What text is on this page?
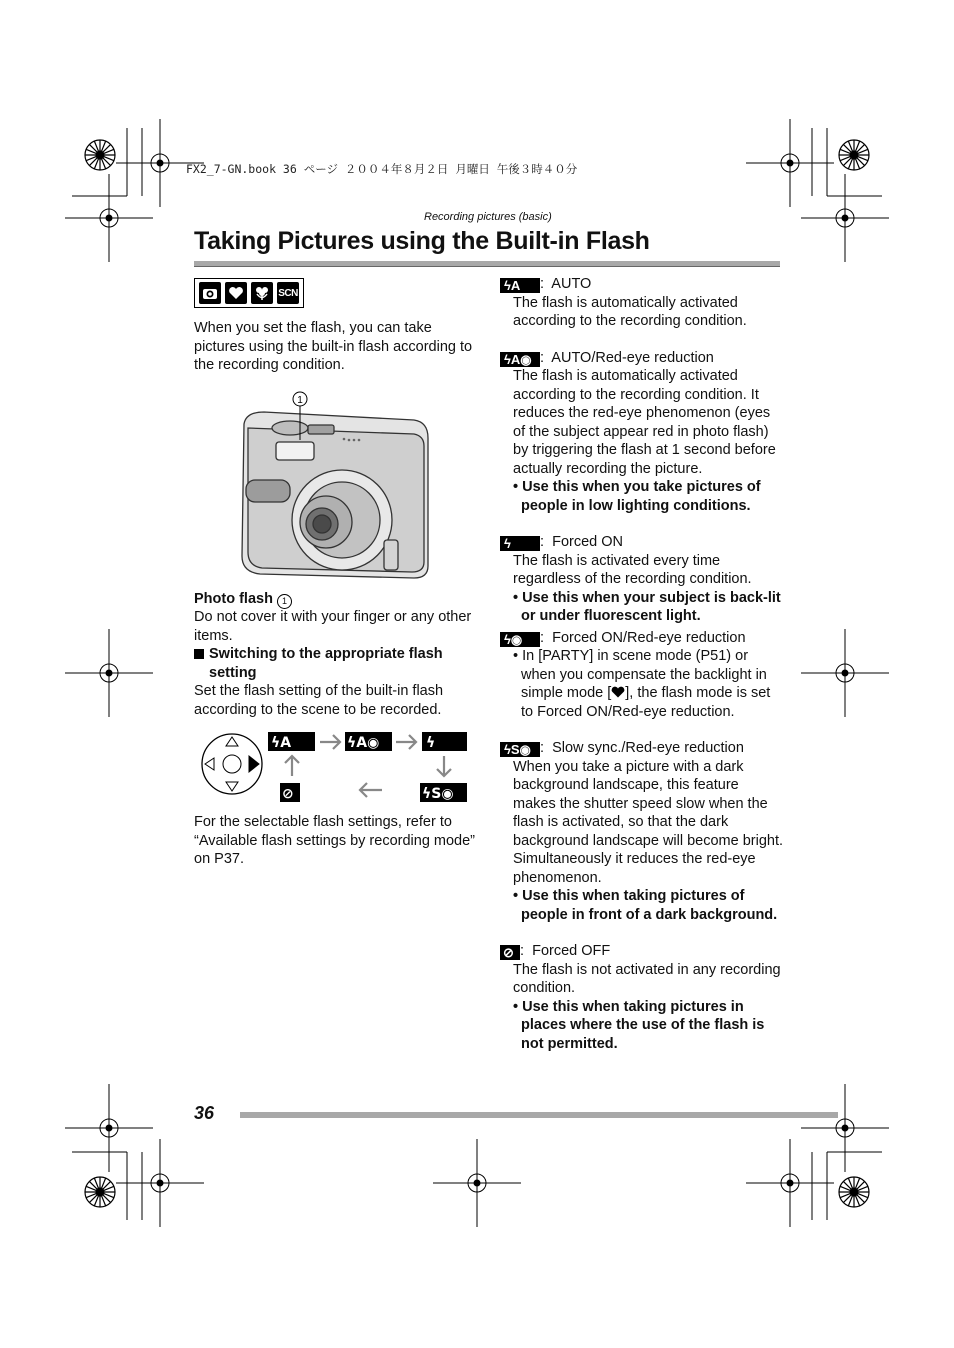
FX2_7-GN.book 36 ページ ２００４年８月２日 月曜日 午後３時４０分
Recording pictures (basic)
Taking Pictures using the Built-in Flash
SCN

When you set the flash, you can take pictures using the built-in flash according to the recording condition.

1
Photo flash 1

Do not cover it with your finger or any other items.

Switching to the appropriate flash setting

Set the flash setting of the built-in flash according to the scene to be recorded.

ϟA	ϟA◉	ϟ
ϟS◉
⊘

For the selectable flash settings, refer to “Available flash settings by recording mode” on P37.

ϟA :  AUTO

The flash is automatically activated according to the recording condition.

ϟA◉ :  AUTO/Red-eye reduction

The flash is automatically activated according to the recording condition. It reduces the red-eye phenomenon (eyes of the subject appear red in photo flash) by triggering the flash at 1 second before actually recording the picture.

• Use this when you take pictures of people in low lighting conditions.

ϟ :  Forced ON

The flash is activated every time regardless of the recording condition.

• Use this when your subject is back-lit or under fluorescent light.

ϟ◉ :  Forced ON/Red-eye reduction

• In [PARTY] in scene mode (P51) or when you compensate the backlight in simple mode [ ], the flash mode is set to Forced ON/Red-eye reduction.

ϟS◉ :  Slow sync./Red-eye reduction

When you take a picture with a dark background landscape, this feature makes the shutter speed slow when the flash is activated, so that the dark background landscape will become bright. Simultaneously it reduces the red-eye phenomenon.

• Use this when taking pictures of people in front of a dark background.

⊘ :  Forced OFF

The flash is not activated in any recording condition.

• Use this when taking pictures in places where the use of the flash is not permitted.

36
